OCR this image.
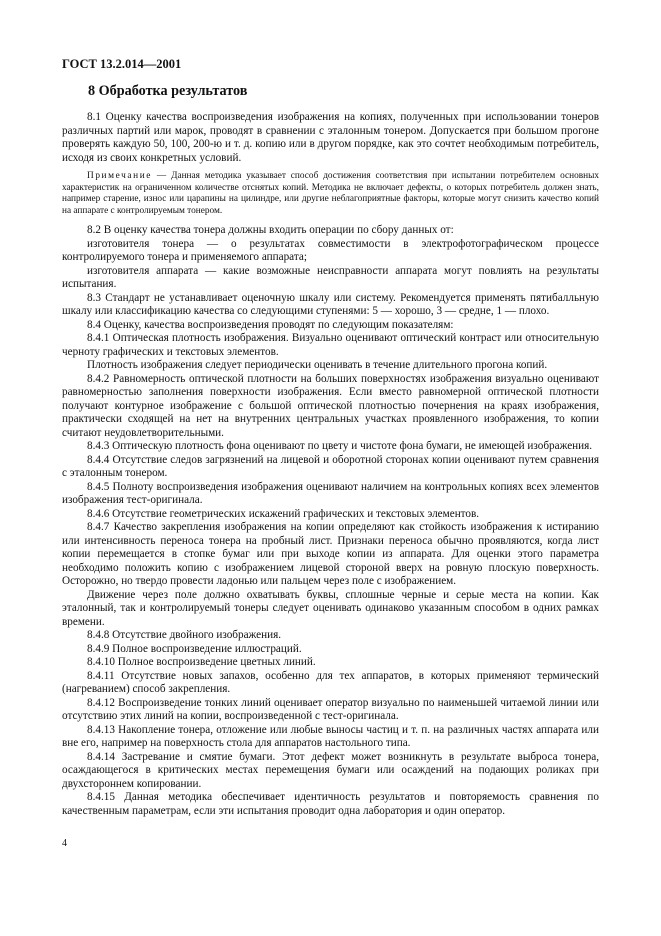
ГОСТ 13.2.014—2001
8 Обработка результатов

8.1 Оценку качества воспроизведения изображения на копиях, полученных при использовании тонеров различных партий или марок, проводят в сравнении с эталонным тонером. Допускается при большом прогоне проверять каждую 50, 100, 200-ю и т. д. копию или в другом порядке, как это сочтет необходимым потребитель, исходя из своих конкретных условий.

Примечание — Данная методика указывает способ достижения соответствия при испытании потребителем основных характеристик на ограниченном количестве отснятых копий. Методика не включает дефекты, о которых потребитель должен знать, например старение, износ или царапины на цилиндре, или другие неблагоприятные факторы, которые могут снизить качество копий на аппарате с контролируемым тонером.

8.2 В оценку качества тонера должны входить операции по сбору данных от:

изготовителя тонера — о результатах совместимости в электрофотографическом процессе контролируемого тонера и применяемого аппарата;

изготовителя аппарата — какие возможные неисправности аппарата могут повлиять на результаты испытания.

8.3 Стандарт не устанавливает оценочную шкалу или систему. Рекомендуется применять пятибалльную шкалу или классификацию качества со следующими ступенями: 5 — хорошо, 3 — средне, 1 — плохо.

8.4 Оценку, качества воспроизведения проводят по следующим показателям:

8.4.1 Оптическая плотность изображения. Визуально оценивают оптический контраст или относительную черноту графических и текстовых элементов.

Плотность изображения следует периодически оценивать в течение длительного прогона копий.

8.4.2 Равномерность оптической плотности на больших поверхностях изображения визуально оценивают равномерностью заполнения поверхности изображения. Если вместо равномерной оптической плотности получают контурное изображение с большой оптической плотностью почернения на краях изображения, практически сходящей на нет на внутренних центральных участках проявленного изображения, то копии считают неудовлетворительными.

8.4.3 Оптическую плотность фона оценивают по цвету и чистоте фона бумаги, не имеющей изображения.

8.4.4 Отсутствие следов загрязнений на лицевой и оборотной сторонах копии оценивают путем сравнения с эталонным тонером.

8.4.5 Полноту воспроизведения изображения оценивают наличием на контрольных копиях всех элементов изображения тест-оригинала.

8.4.6 Отсутствие геометрических искажений графических и текстовых элементов.

8.4.7 Качество закрепления изображения на копии определяют как стойкость изображения к истиранию или интенсивность переноса тонера на пробный лист. Признаки переноса обычно проявляются, когда лист копии перемещается в стопке бумаг или при выходе копии из аппарата. Для оценки этого параметра необходимо положить копию с изображением лицевой стороной вверх на ровную плоскую поверхность. Осторожно, но твердо провести ладонью или пальцем через поле с изображением.

Движение через поле должно охватывать буквы, сплошные черные и серые места на копии. Как эталонный, так и контролируемый тонеры следует оценивать одинаково указанным способом в одних рамках времени.

8.4.8 Отсутствие двойного изображения.

8.4.9 Полное воспроизведение иллюстраций.

8.4.10 Полное воспроизведение цветных линий.

8.4.11 Отсутствие новых запахов, особенно для тех аппаратов, в которых применяют термический (нагреванием) способ закрепления.

8.4.12 Воспроизведение тонких линий оценивает оператор визуально по наименьшей читаемой линии или отсутствию этих линий на копии, воспроизведенной с тест-оригинала.

8.4.13 Накопление тонера, отложение или любые выносы частиц и т. п. на различных частях аппарата или вне его, например на поверхность стола для аппаратов настольного типа.

8.4.14 Застревание и смятие бумаги. Этот дефект может возникнуть в результате выброса тонера, осаждающегося в критических местах перемещения бумаги или осаждений на подающих роликах при двухстороннем копировании.

8.4.15 Данная методика обеспечивает идентичность результатов и повторяемость сравнения по качественным параметрам, если эти испытания проводит одна лаборатория и один оператор.

4
